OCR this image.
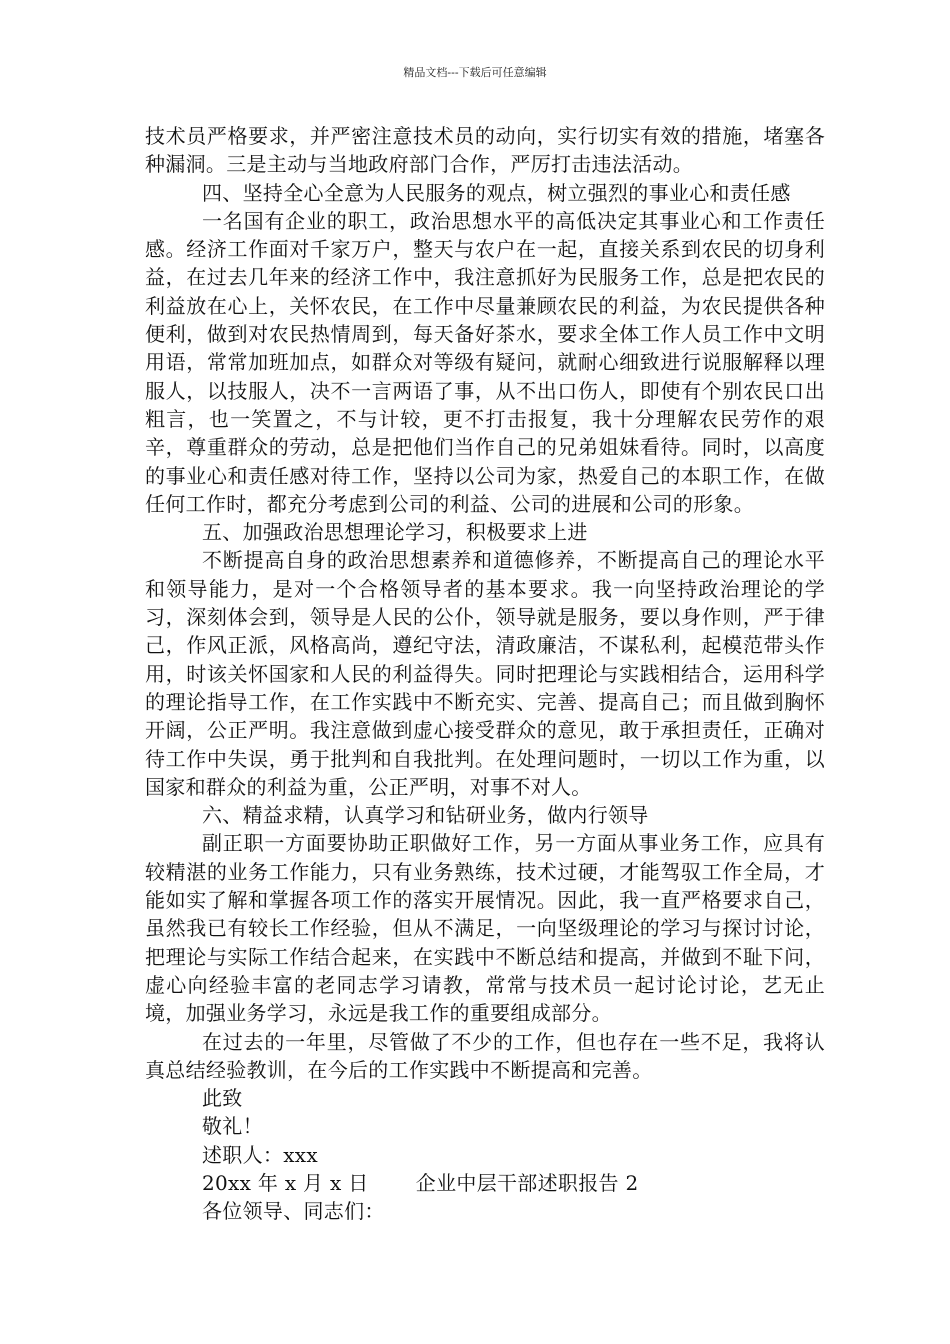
精品文档---下载后可任意编辑

技术员严格要求，并严密注意技术员的动向，实行切实有效的措施，堵塞各种漏洞。三是主动与当地政府部门合作，严厉打击违法活动。

四、坚持全心全意为人民服务的观点，树立强烈的事业心和责任感

一名国有企业的职工，政治思想水平的高低决定其事业心和工作责任感。经济工作面对千家万户，整天与农户在一起，直接关系到农民的切身利益，在过去几年来的经济工作中，我注意抓好为民服务工作，总是把农民的利益放在心上，关怀农民，在工作中尽量兼顾农民的利益，为农民提供各种便利，做到对农民热情周到，每天备好茶水，要求全体工作人员工作中文明用语，常常加班加点，如群众对等级有疑问，就耐心细致进行说服解释以理服人，以技服人，决不一言两语了事，从不出口伤人，即使有个别农民口出粗言，也一笑置之，不与计较，更不打击报复，我十分理解农民劳作的艰辛，尊重群众的劳动，总是把他们当作自己的兄弟姐妹看待。同时，以高度的事业心和责任感对待工作，坚持以公司为家，热爱自己的本职工作，在做任何工作时，都充分考虑到公司的利益、公司的进展和公司的形象。

五、加强政治思想理论学习，积极要求上进

不断提高自身的政治思想素养和道德修养，不断提高自己的理论水平和领导能力，是对一个合格领导者的基本要求。我一向坚持政治理论的学习，深刻体会到，领导是人民的公仆，领导就是服务，要以身作则，严于律己，作风正派，风格高尚，遵纪守法，清政廉洁，不谋私利，起模范带头作用，时该关怀国家和人民的利益得失。同时把理论与实践相结合，运用科学的理论指导工作，在工作实践中不断充实、完善、提高自己；而且做到胸怀开阔，公正严明。我注意做到虚心接受群众的意见，敢于承担责任，正确对待工作中失误，勇于批判和自我批判。在处理问题时，一切以工作为重，以国家和群众的利益为重，公正严明，对事不对人。

六、精益求精，认真学习和钻研业务，做内行领导

副正职一方面要协助正职做好工作，另一方面从事业务工作，应具有较精湛的业务工作能力，只有业务熟练，技术过硬，才能驾驭工作全局，才能如实了解和掌握各项工作的落实开展情况。因此，我一直严格要求自己，虽然我已有较长工作经验，但从不满足，一向坚级理论的学习与探讨讨论，把理论与实际工作结合起来，在实践中不断总结和提高，并做到不耻下问，虚心向经验丰富的老同志学习请教，常常与技术员一起讨论讨论，艺无止境，加强业务学习，永远是我工作的重要组成部分。

在过去的一年里，尽管做了不少的工作，但也存在一些不足，我将认真总结经验教训，在今后的工作实践中不断提高和完善。

此致

敬礼！

述职人：xxx

20xx 年 x 月 x 日　　 企业中层干部述职报告 2

各位领导、同志们：
